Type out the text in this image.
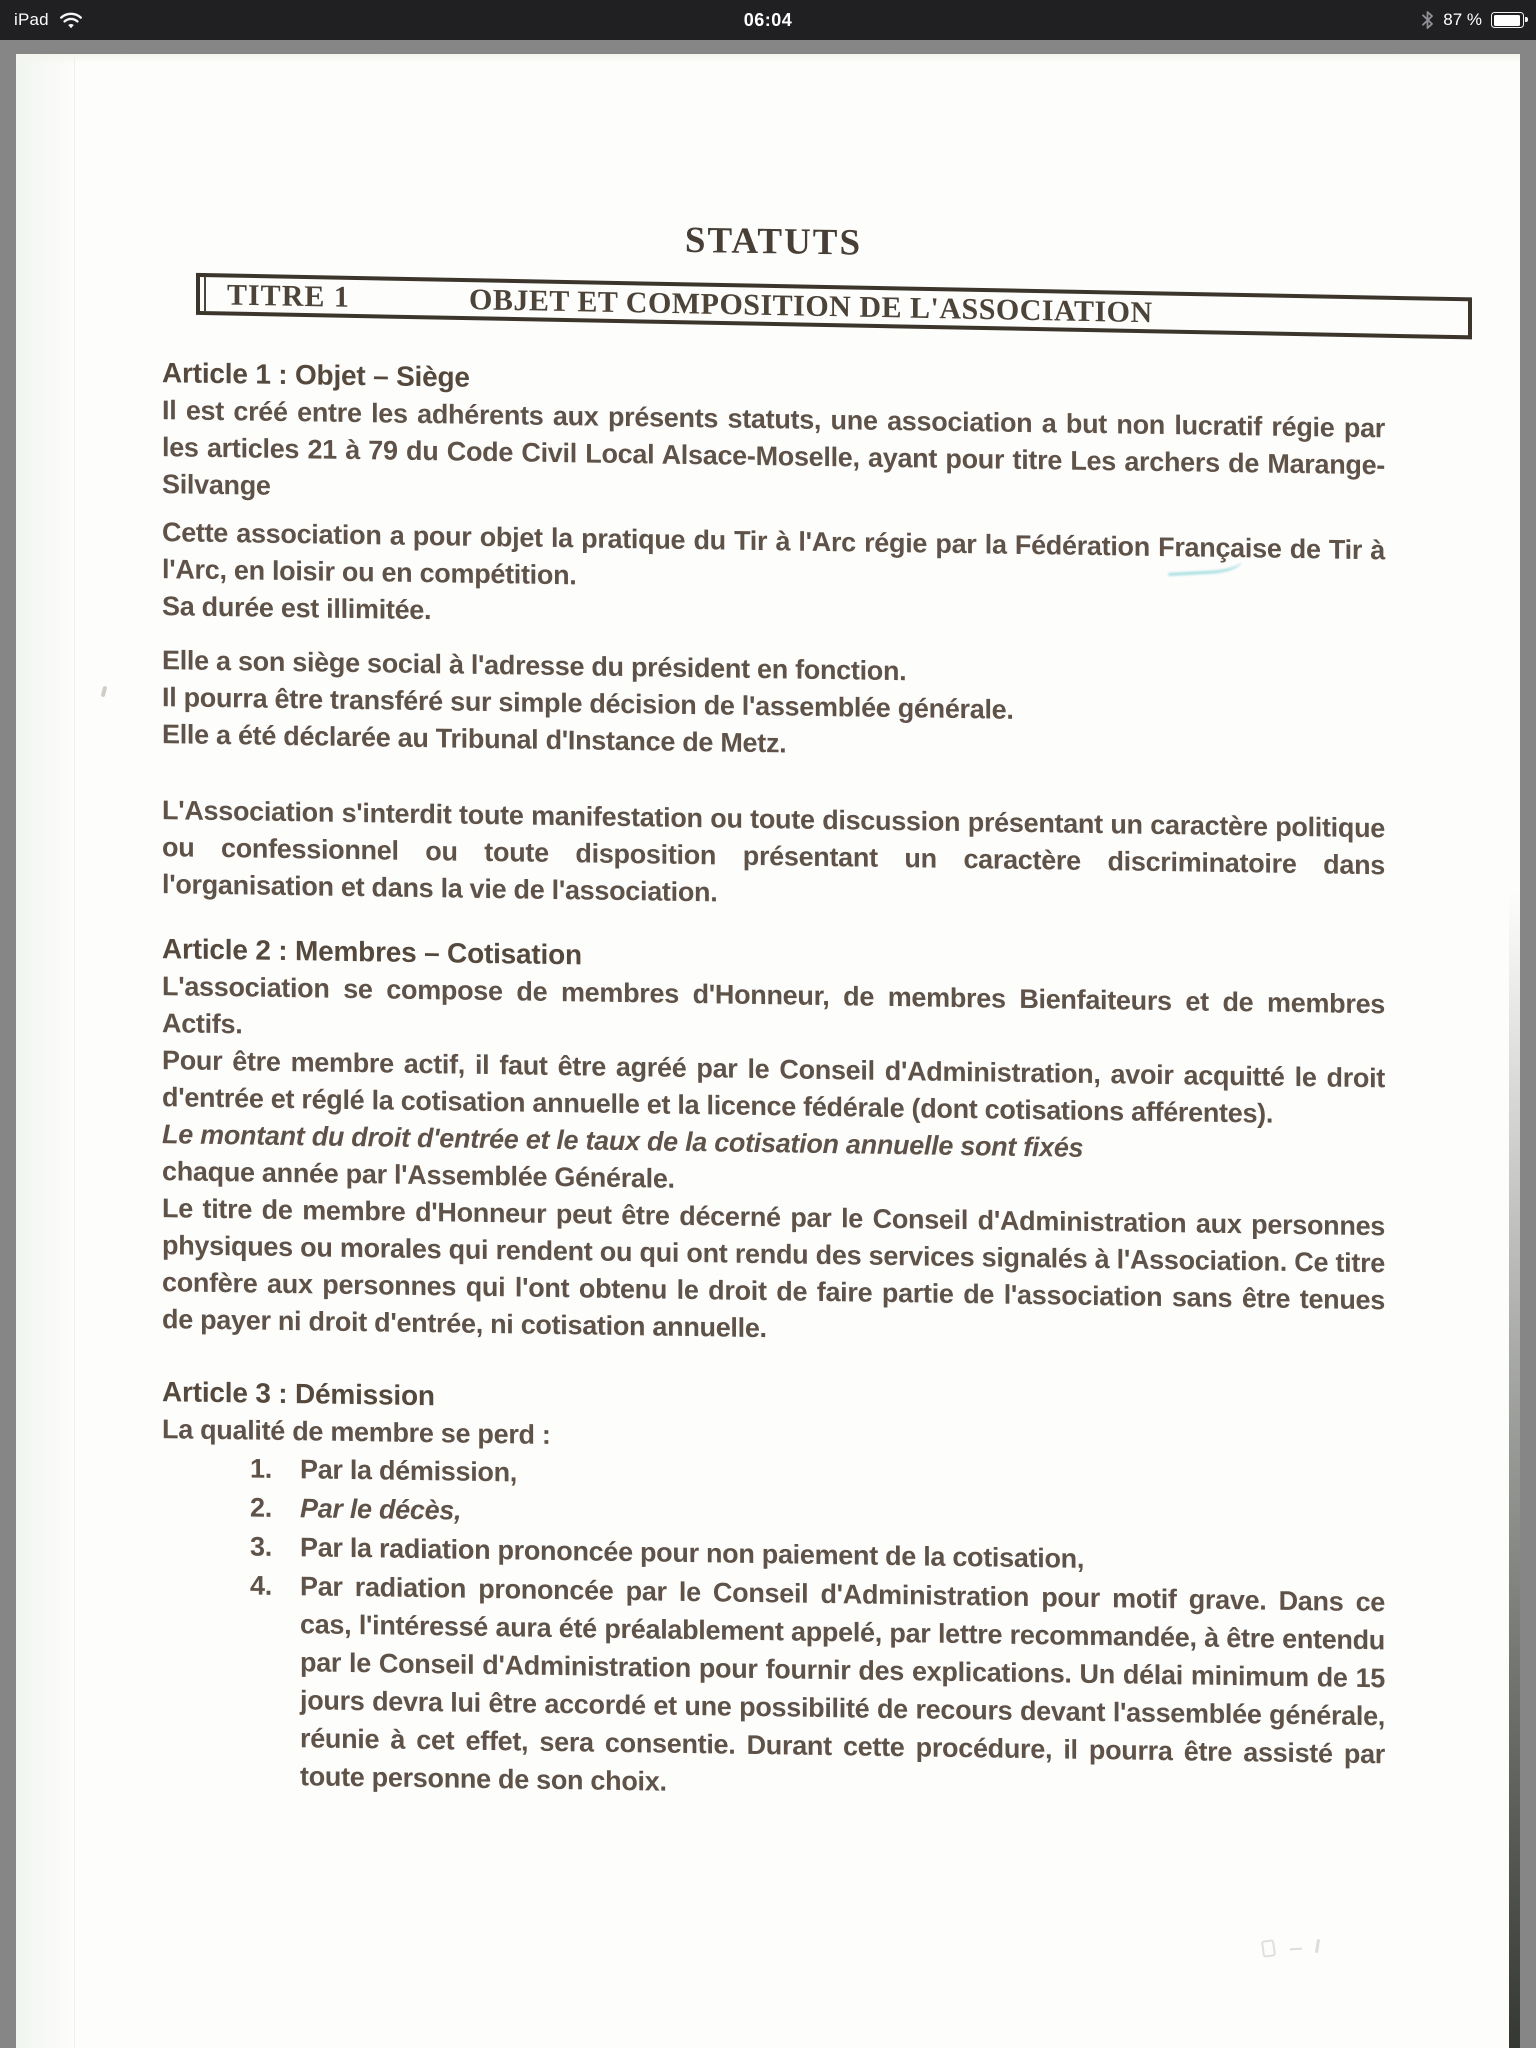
iPad	06:04	87 %
STATUTS
TITRE 1	OBJET ET COMPOSITION DE L'ASSOCIATION
Article 1 : Objet – Siège

Il est créé entre les adhérents aux présents statuts, une association a but non lucratif régie par les articles 21 à 79 du Code Civil Local Alsace-Moselle, ayant pour titre Les archers de Marange-Silvange

Cette association a pour objet la pratique du Tir à l'Arc régie par la Fédération Française de Tir à l'Arc, en loisir ou en compétition.

Sa durée est illimitée.

Elle a son siège social à l'adresse du président en fonction.

Il pourra être transféré sur simple décision de l'assemblée générale.

Elle a été déclarée au Tribunal d'Instance de Metz.

L'Association s'interdit toute manifestation ou toute discussion présentant un caractère politique ou confessionnel ou toute disposition présentant un caractère discriminatoire dans l'organisation et dans la vie de l'association.

Article 2 : Membres – Cotisation

L'association se compose de membres d'Honneur, de membres Bienfaiteurs et de membres Actifs.

Pour être membre actif, il faut être agréé par le Conseil d'Administration, avoir acquitté le droit d'entrée et réglé la cotisation annuelle et la licence fédérale (dont cotisations afférentes).

Le montant du droit d'entrée et le taux de la cotisation annuelle sont fixés

chaque année par l'Assemblée Générale.

Le titre de membre d'Honneur peut être décerné par le Conseil d'Administration aux personnes physiques ou morales qui rendent ou qui ont rendu des services signalés à l'Association. Ce titre confère aux personnes qui l'ont obtenu le droit de faire partie de l'association sans être tenues de payer ni droit d'entrée, ni cotisation annuelle.

Article 3 : Démission

La qualité de membre se perd :

1.	Par la démission,
2.	Par le décès,
3.	Par la radiation prononcée pour non paiement de la cotisation,
4.	Par radiation prononcée par le Conseil d'Administration pour motif grave. Dans ce cas, l'intéressé aura été préalablement appelé, par lettre recommandée, à être entendu par le Conseil d'Administration pour fournir des explications. Un délai minimum de 15 jours devra lui être accordé et une possibilité de recours devant l'assemblée générale, réunie à cet effet, sera consentie. Durant cette procédure, il pourra être assisté par toute personne de son choix.
